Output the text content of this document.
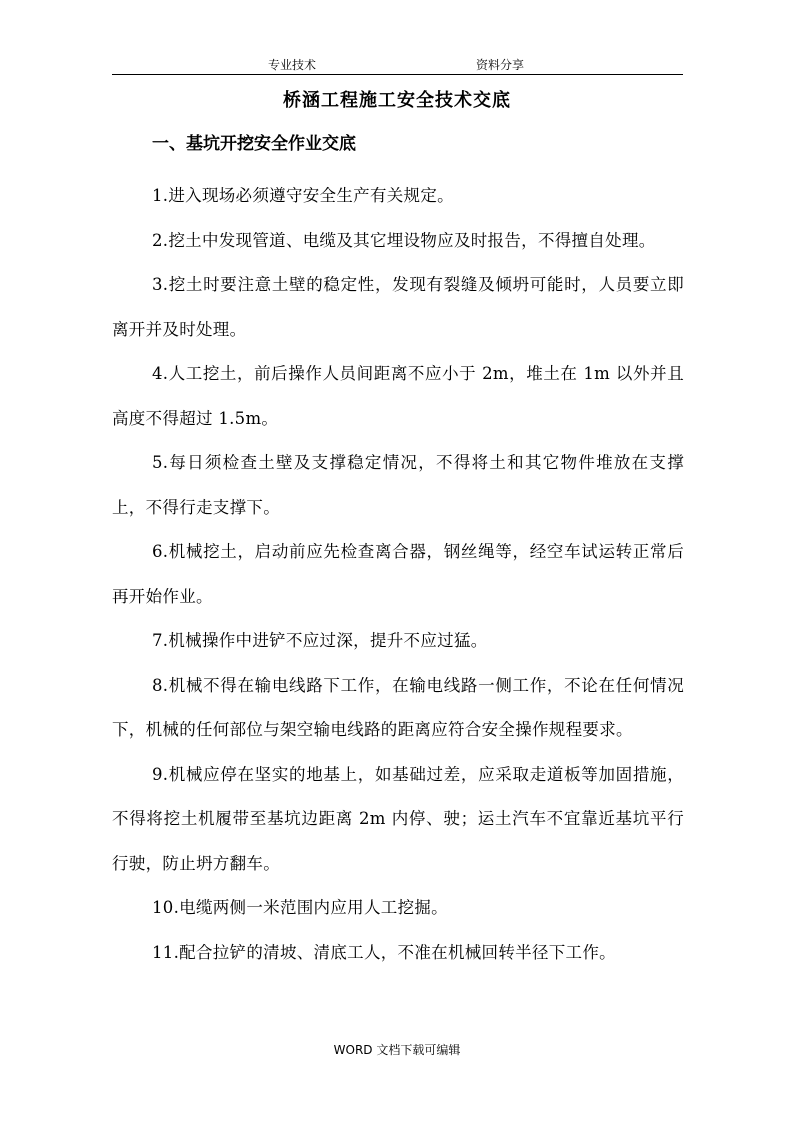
专业技术	资料分享
桥涵工程施工安全技术交底

一、基坑开挖安全作业交底

1.进入现场必须遵守安全生产有关规定。

2.挖土中发现管道、电缆及其它埋设物应及时报告，不得擅自处理。

3.挖土时要注意土壁的稳定性，发现有裂缝及倾坍可能时，人员要立即离开并及时处理。

4.人工挖土，前后操作人员间距离不应小于 2m，堆土在 1m 以外并且高度不得超过 1.5m。

5.每日须检查土壁及支撑稳定情况，不得将土和其它物件堆放在支撑上，不得行走支撑下。

6.机械挖土，启动前应先检查离合器，钢丝绳等，经空车试运转正常后再开始作业。

7.机械操作中进铲不应过深，提升不应过猛。

8.机械不得在输电线路下工作，在输电线路一侧工作，不论在任何情况下，机械的任何部位与架空输电线路的距离应符合安全操作规程要求。

9.机械应停在坚实的地基上，如基础过差，应采取走道板等加固措施，不得将挖土机履带至基坑边距离 2m 内停、驶；运土汽车不宜靠近基坑平行行驶，防止坍方翻车。

10.电缆两侧一米范围内应用人工挖掘。

11.配合拉铲的清坡、清底工人，不准在机械回转半径下工作。

WORD 文档下载可编辑
